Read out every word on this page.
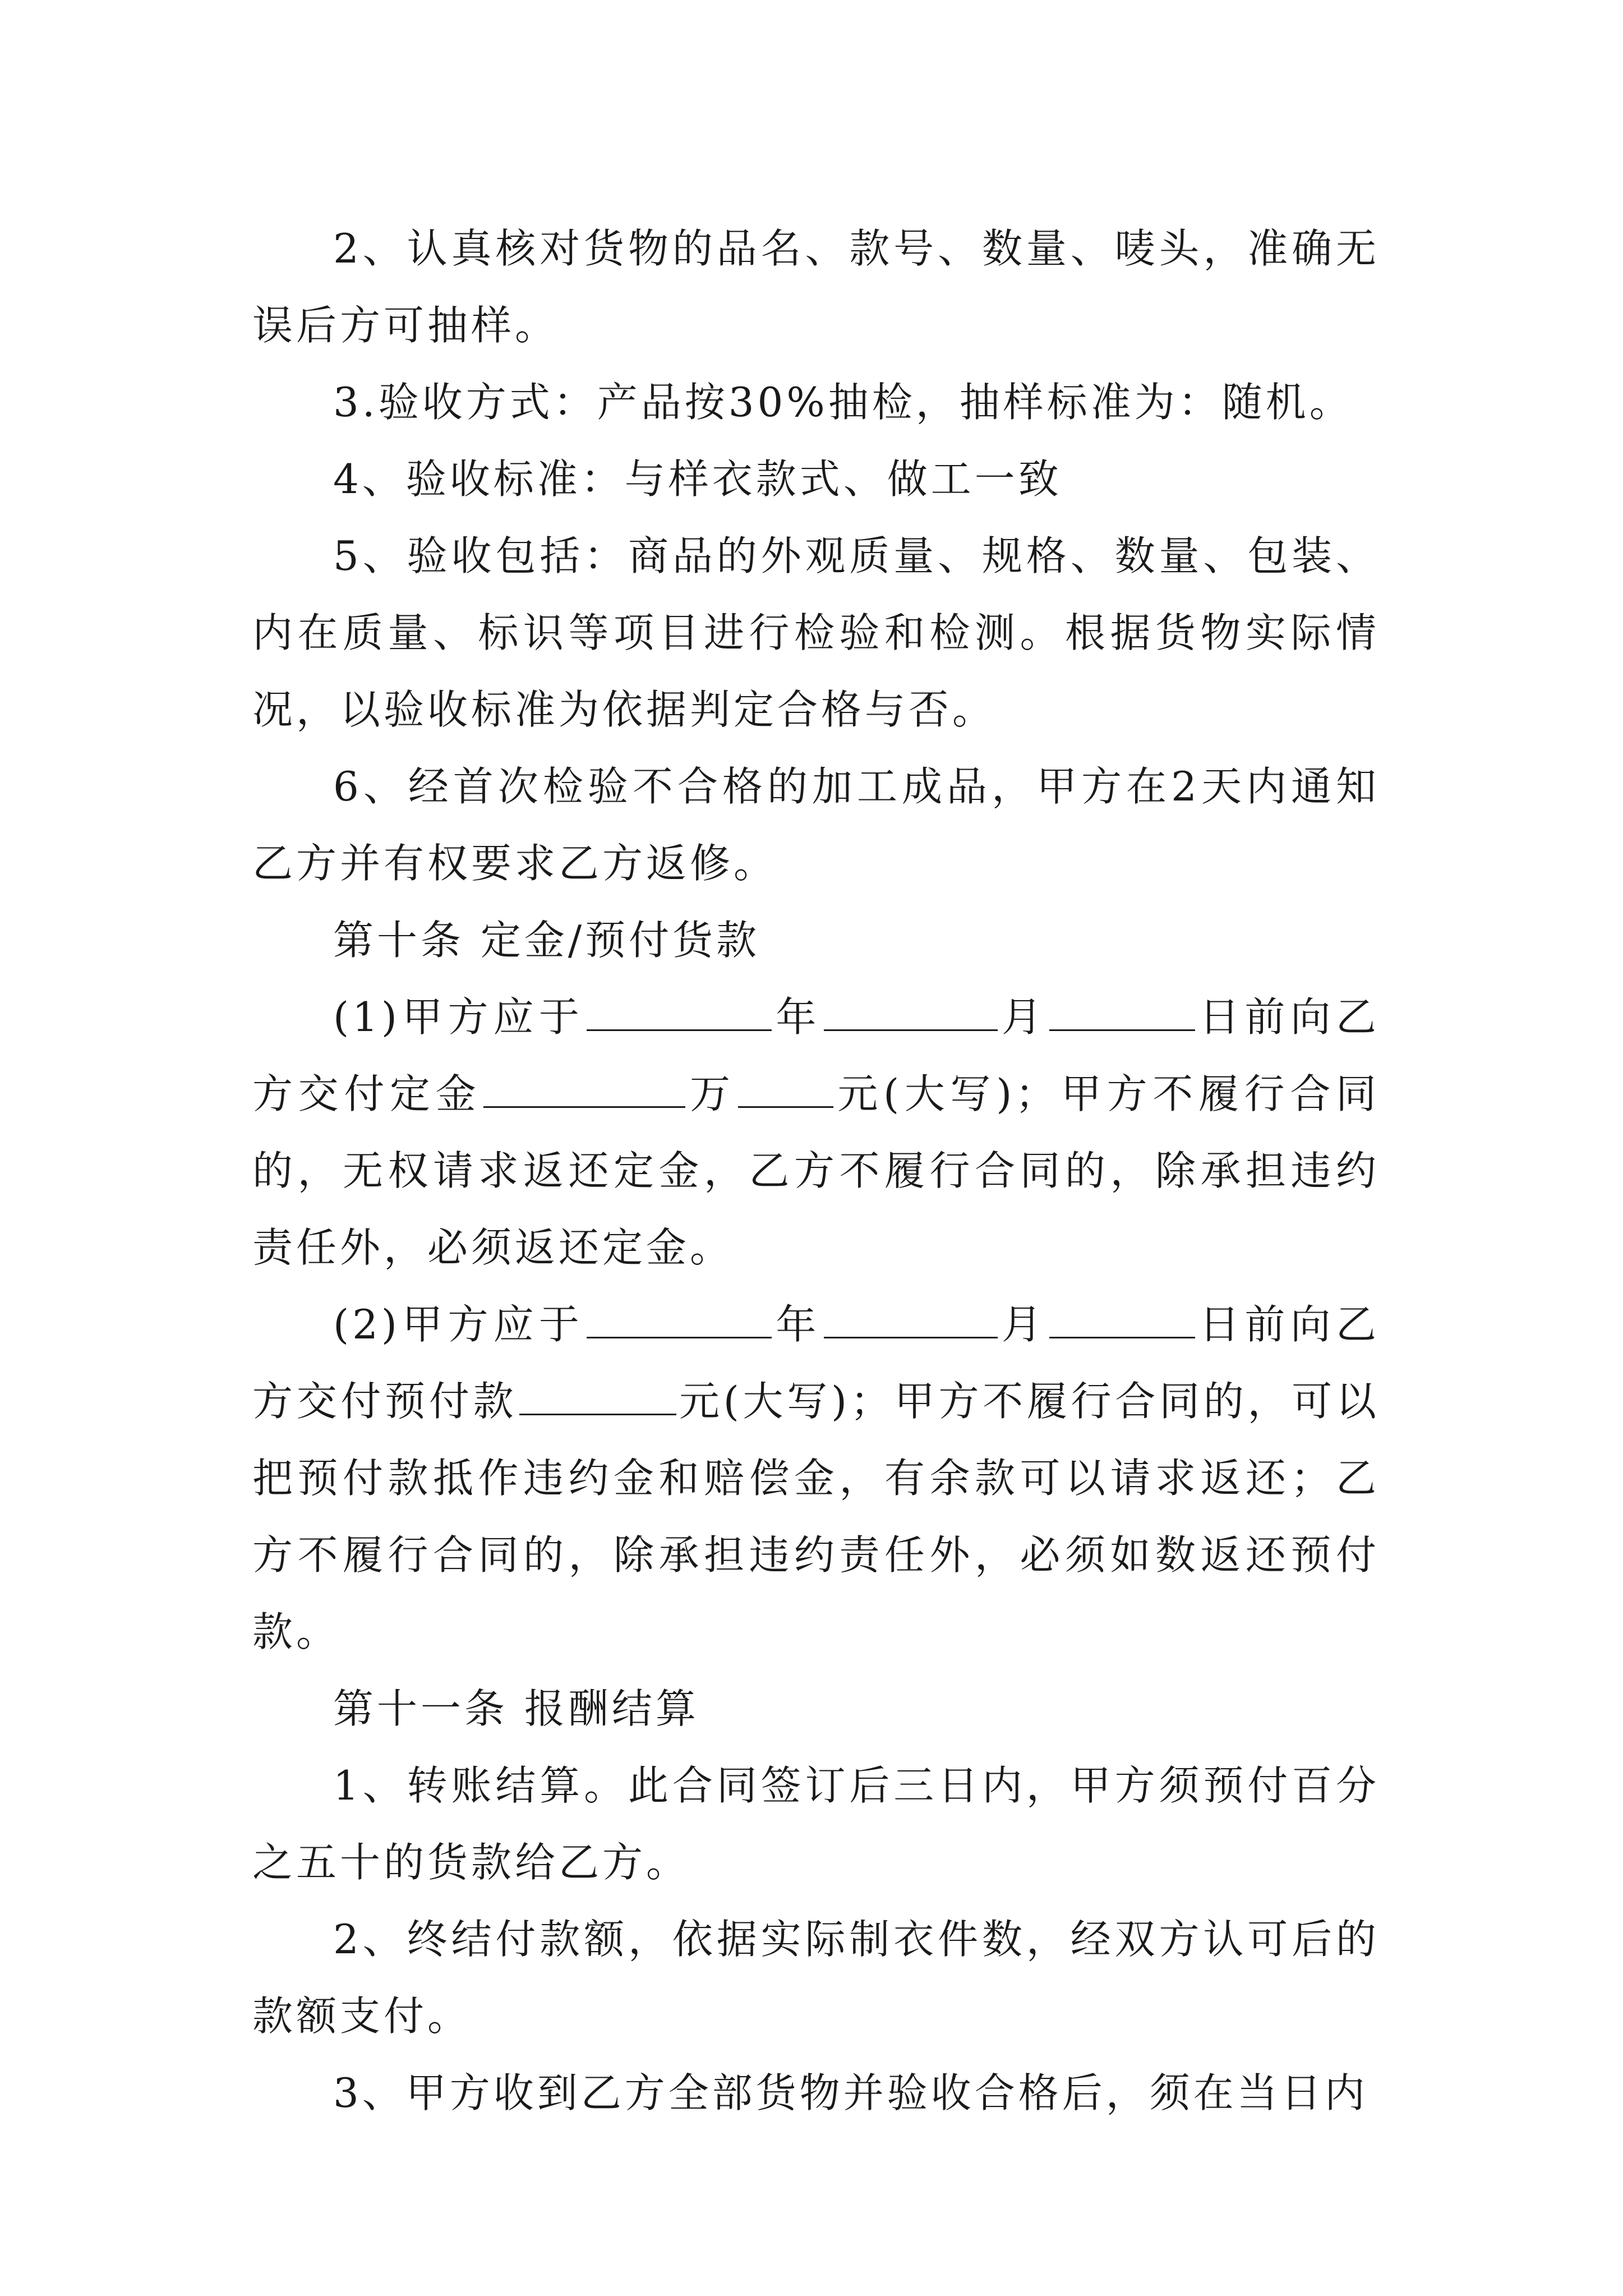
2、认真核对货物的品名、款号、数量、唛头，准确无误后方可抽样。

3.验收方式：产品按30%抽检，抽样标准为：随机。

4、验收标准：与样衣款式、做工一致

5、验收包括：商品的外观质量、规格、数量、包装、内在质量、标识等项目进行检验和检测。根据货物实际情况，以验收标准为依据判定合格与否。

6、经首次检验不合格的加工成品，甲方在2天内通知乙方并有权要求乙方返修。

第十条 定金/预付货款

(1)甲方应于	年	月	日前向乙方交付定金	万 元(大写)；甲方不履行合同的，无权请求返还定金，乙方不履行合同的，除承担违约责任外，必须返还定金。

(2)甲方应于	年	月	日前向乙方交付预付款	元(大写)；甲方不履行合同的，可以把预付款抵作违约金和赔偿金，有余款可以请求返还；乙方不履行合同的，除承担违约责任外，必须如数返还预付款。

第十一条 报酬结算

1、转账结算。此合同签订后三日内，甲方须预付百分之五十的货款给乙方。

2、终结付款额，依据实际制衣件数，经双方认可后的款额支付。

3、甲方收到乙方全部货物并验收合格后，须在当日内
